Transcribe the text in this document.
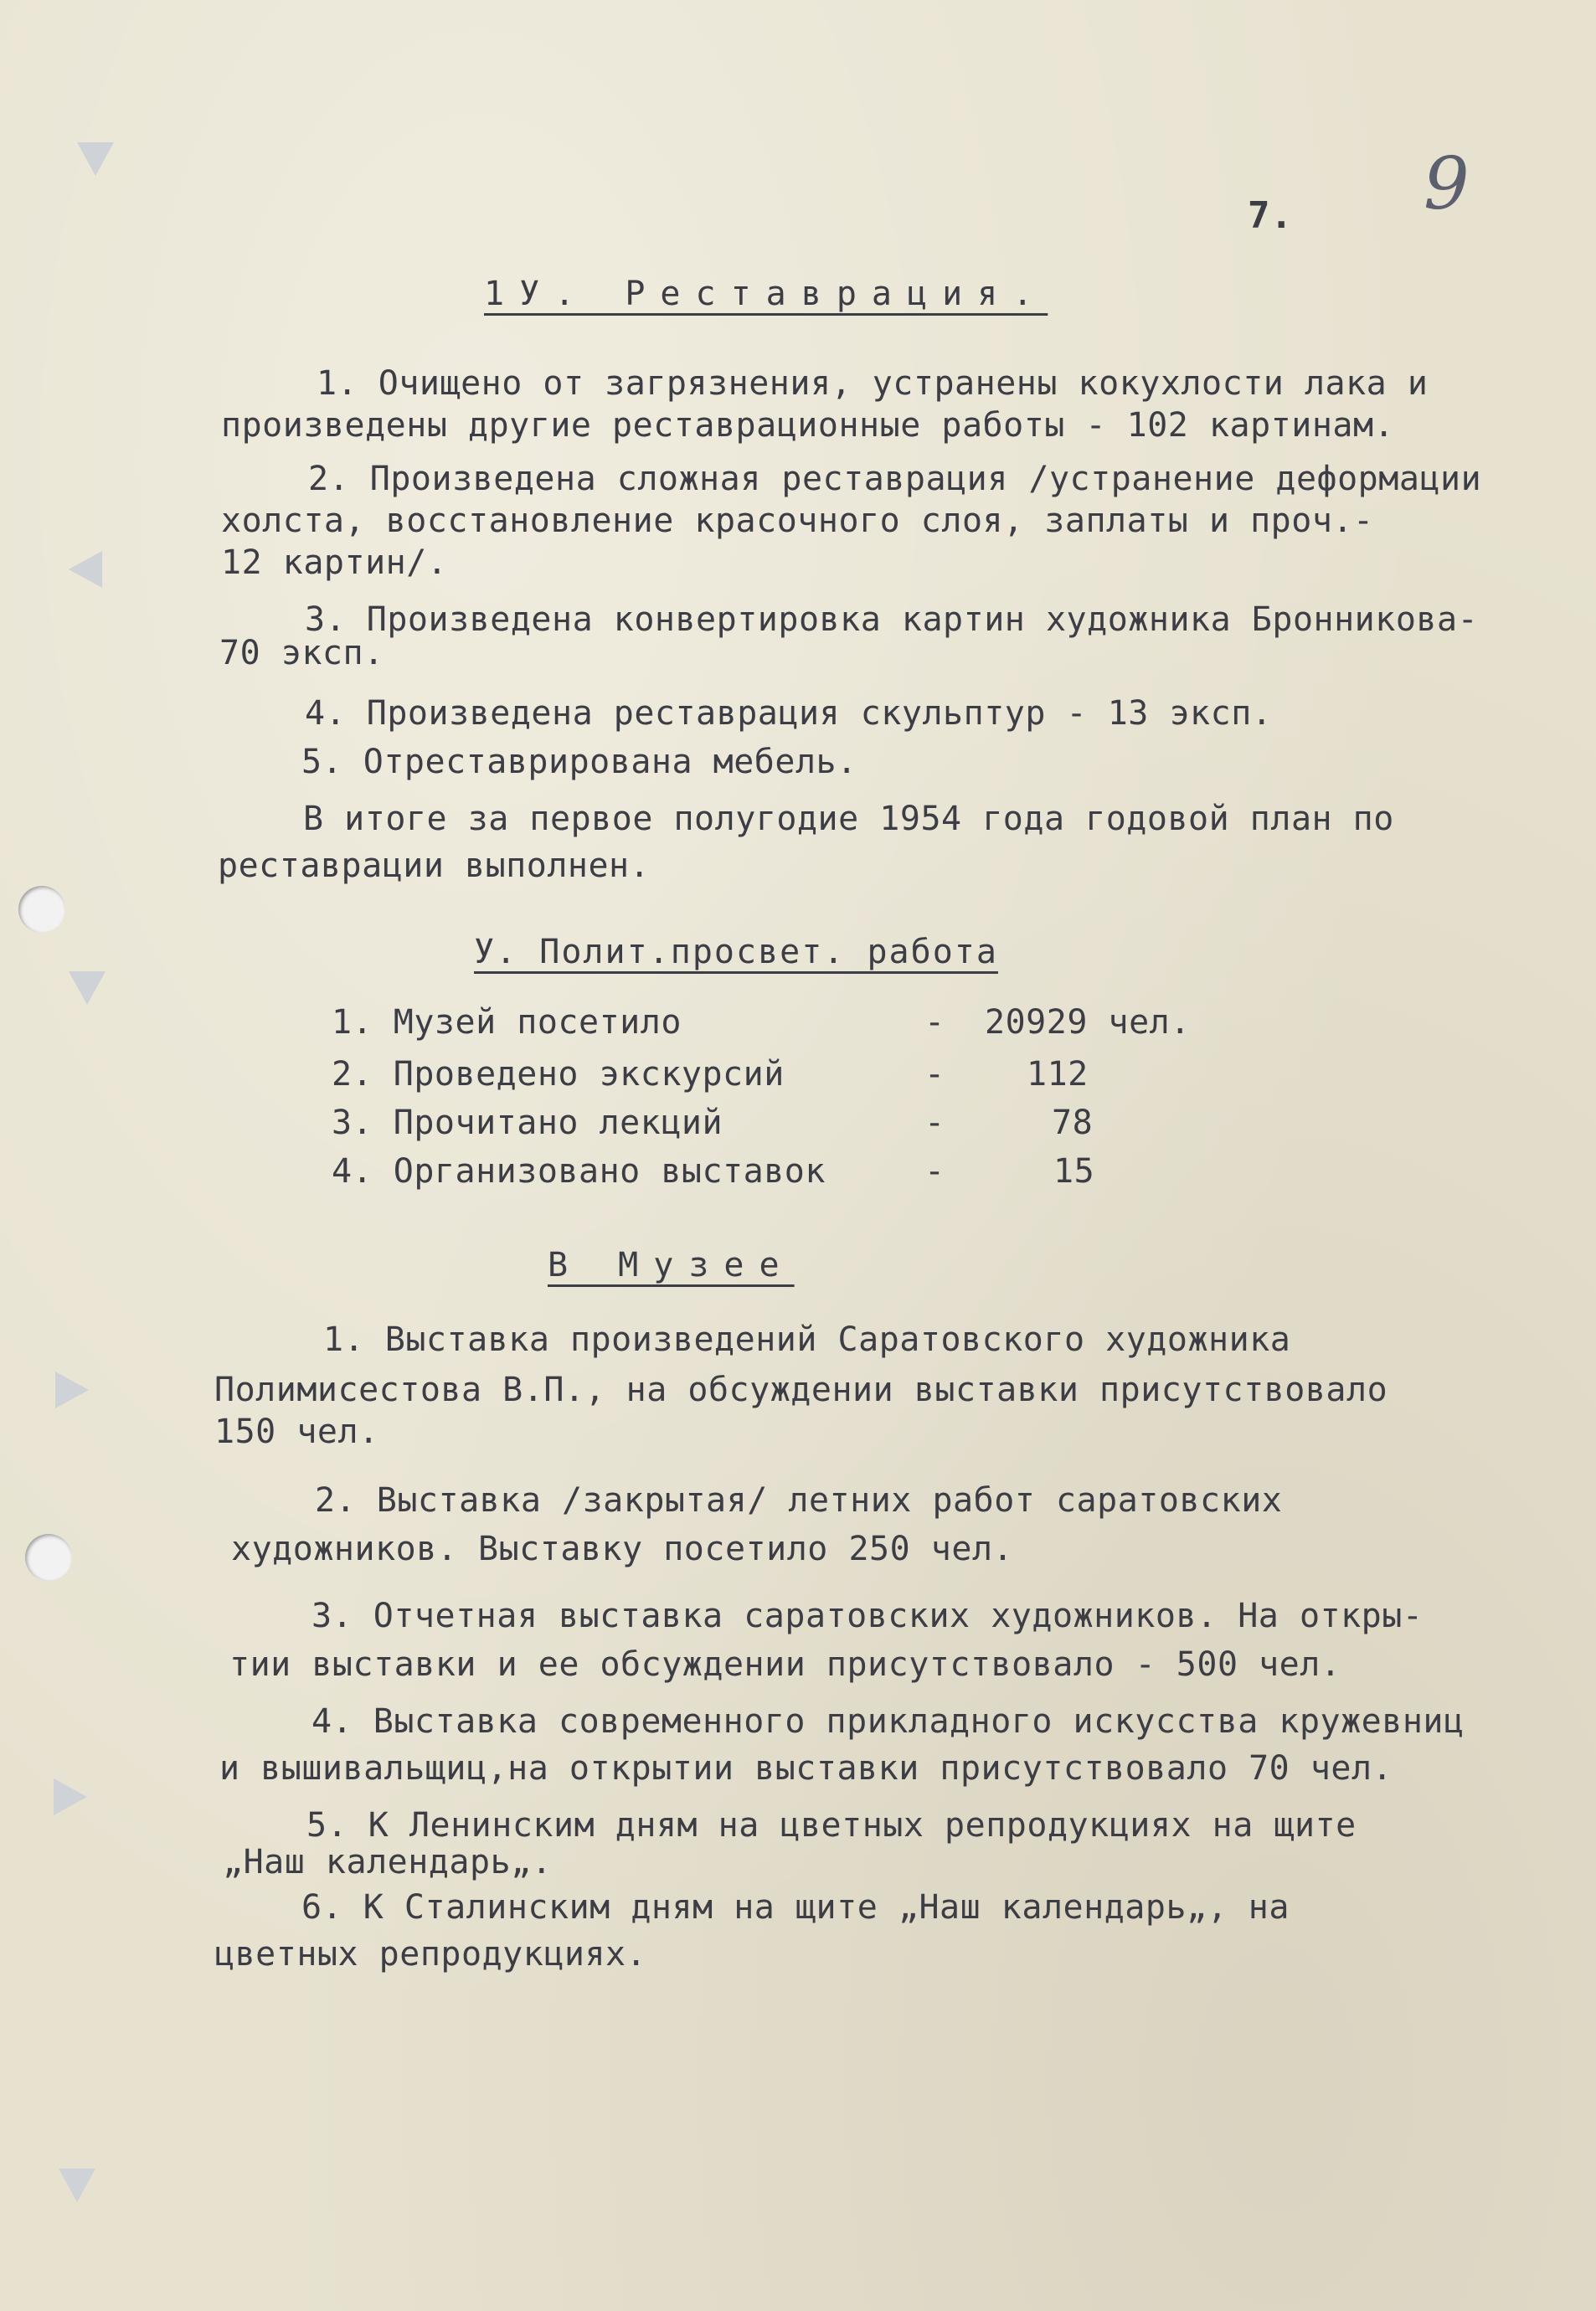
7. 9
1У. Реставрация.
1. Очищено от загрязнения, устранены кокухлости лака и
произведены другие реставрационные работы - 102 картинам.
2. Произведена сложная реставрация /устранение деформации
холста, восстановление красочного слоя, заплаты и проч.-
12 картин/.
3. Произведена конвертировка картин художника Бронникова-
70 эксп.
4. Произведена реставрация скульптур - 13 эксп.
5. Отреставрирована мебель.
В итоге за первое полугодие 1954 года годовой план по
реставрации выполнен.
У. Полит.просвет. работа
1. Музей посетило	- 20929 чел.
2. Проведено экскурсий	- 112
3. Прочитано лекций	-	78
4. Организовано выставок	-	15
В Музее
1. Выставка произведений Саратовского художника
Полимисестова В.П., на обсуждении выставки присутствовало
150 чел.
2. Выставка /закрытая/ летних работ саратовских
художников. Выставку посетило 250 чел.
3. Отчетная выставка саратовских художников. На откры-
тии выставки и ее обсуждении присутствовало - 500 чел.
4. Выставка современного прикладного искусства кружевниц
и вышивальщиц,на открытии выставки присутствовало 70 чел.
5. К Ленинским дням на цветных репродукциях на щите
„Наш календарь„.
6. К Сталинским дням на щите „Наш календарь„, на
цветных репродукциях.
